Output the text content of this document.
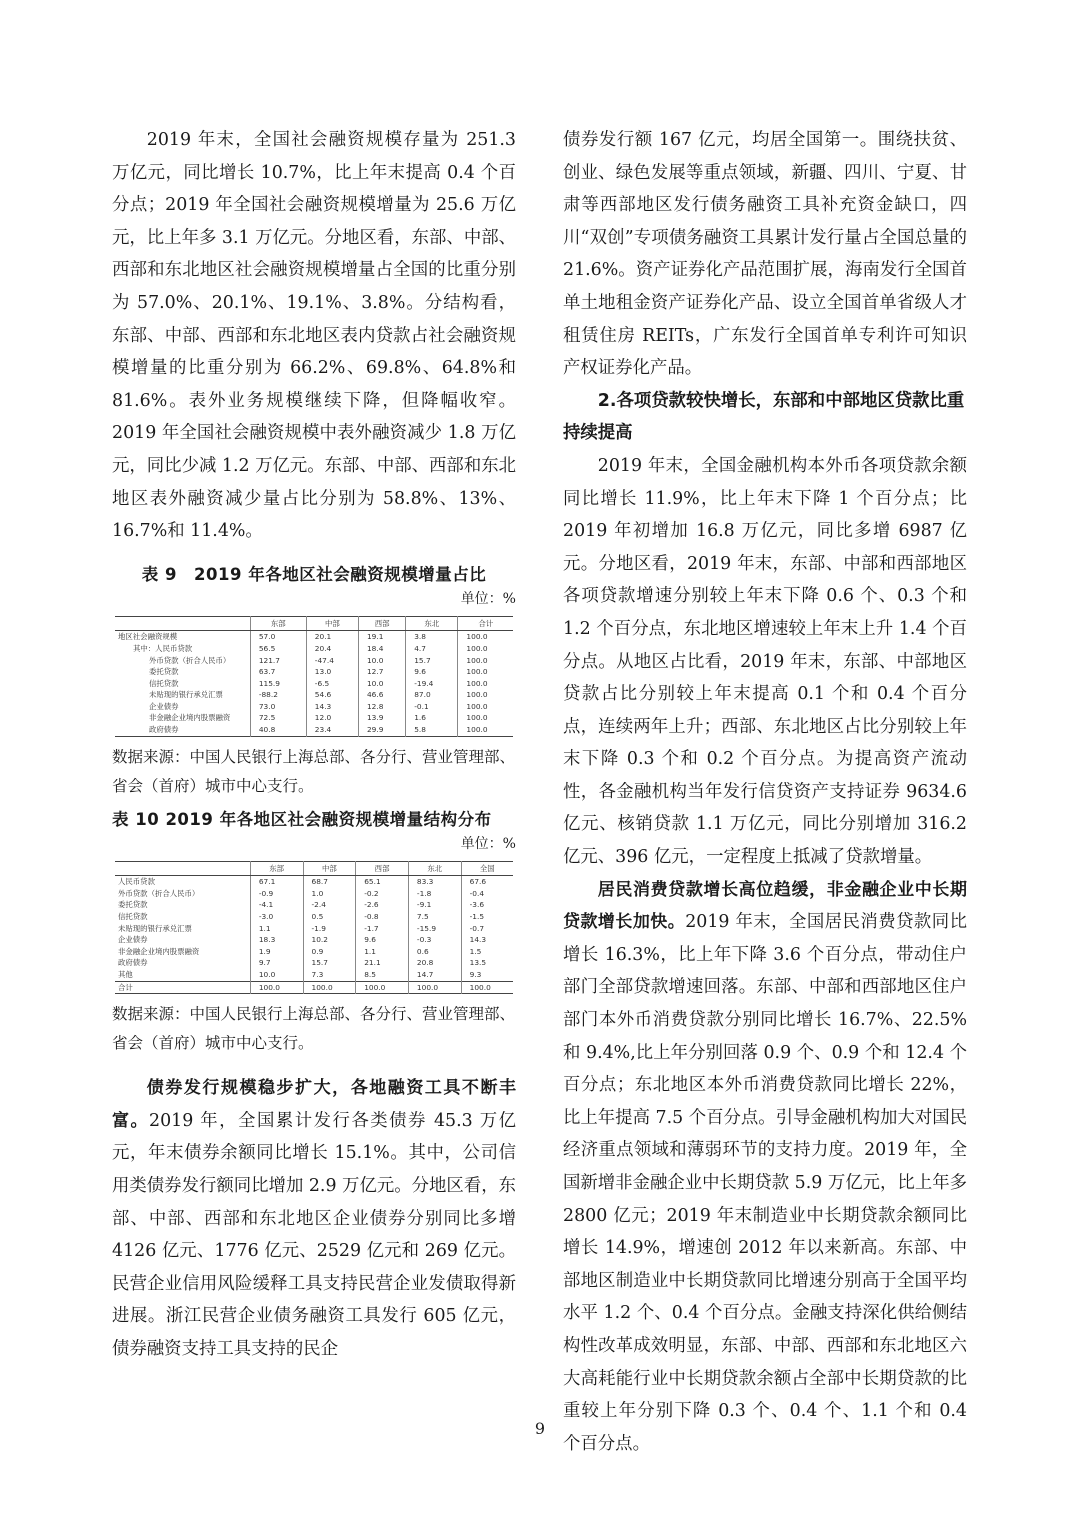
2019 年末，全国社会融资规模存量为 251.3 万亿元，同比增长 10.7%，比上年末提高 0.4 个百分点；2019 年全国社会融资规模增量为 25.6 万亿元，比上年多 3.1 万亿元。分地区看，东部、中部、西部和东北地区社会融资规模增量占全国的比重分别为 57.0%、20.1%、19.1%、3.8%。分结构看，东部、中部、西部和东北地区表内贷款占社会融资规模增量的比重分别为 66.2%、69.8%、64.8%和 81.6%。表外业务规模继续下降，但降幅收窄。2019 年全国社会融资规模中表外融资减少 1.8 万亿元，同比少减 1.2 万亿元。东部、中部、西部和东北地区表外融资减少量占比分别为 58.8%、13%、16.7%和 11.4%。

表 9　2019 年各地区社会融资规模增量占比
单位：%
	东部	中部	西部	东北	合计
地区社会融资规模	57.0	20.1	19.1	3.8	100.0
其中：人民币贷款	56.5	20.4	18.4	4.7	100.0
外币贷款（折合人民币）	121.7	-47.4	10.0	15.7	100.0
委托贷款	63.7	13.0	12.7	9.6	100.0
信托贷款	115.9	-6.5	10.0	-19.4	100.0
未贴现的银行承兑汇票	-88.2	54.6	46.6	87.0	100.0
企业债券	73.0	14.3	12.8	-0.1	100.0
非金融企业境内股票融资	72.5	12.0	13.9	1.6	100.0
政府债券	40.8	23.4	29.9	5.8	100.0
数据来源：中国人民银行上海总部、各分行、营业管理部、省会（首府）城市中心支行。
表 10 2019 年各地区社会融资规模增量结构分布
单位：%
	东部	中部	西部	东北	全国
人民币贷款	67.1	68.7	65.1	83.3	67.6
外币贷款（折合人民币）	-0.9	1.0	-0.2	-1.8	-0.4
委托贷款	-4.1	-2.4	-2.6	-9.1	-3.6
信托贷款	-3.0	0.5	-0.8	7.5	-1.5
未贴现的银行承兑汇票	1.1	-1.9	-1.7	-15.9	-0.7
企业债券	18.3	10.2	9.6	-0.3	14.3
非金融企业境内股票融资	1.9	0.9	1.1	0.6	1.5
政府债券	9.7	15.7	21.1	20.8	13.5
其他	10.0	7.3	8.5	14.7	9.3
合计	100.0	100.0	100.0	100.0	100.0
数据来源：中国人民银行上海总部、各分行、营业管理部、省会（首府）城市中心支行。

债券发行规模稳步扩大，各地融资工具不断丰富。2019 年，全国累计发行各类债券 45.3 万亿元，年末债券余额同比增长 15.1%。其中，公司信用类债券发行额同比增加 2.9 万亿元。分地区看，东部、中部、西部和东北地区企业债券分别同比多增 4126 亿元、1776 亿元、2529 亿元和 269 亿元。民营企业信用风险缓释工具支持民营企业发债取得新进展。浙江民营企业债务融资工具发行 605 亿元，债券融资支持工具支持的民企

债券发行额 167 亿元，均居全国第一。围绕扶贫、创业、绿色发展等重点领域，新疆、四川、宁夏、甘肃等西部地区发行债务融资工具补充资金缺口，四川“双创”专项债务融资工具累计发行量占全国总量的 21.6%。资产证券化产品范围扩展，海南发行全国首单土地租金资产证券化产品、设立全国首单省级人才租赁住房 REITs，广东发行全国首单专利许可知识产权证券化产品。

2.各项贷款较快增长，东部和中部地区贷款比重持续提高

2019 年末，全国金融机构本外币各项贷款余额同比增长 11.9%，比上年末下降 1 个百分点；比 2019 年初增加 16.8 万亿元，同比多增 6987 亿元。分地区看，2019 年末，东部、中部和西部地区各项贷款增速分别较上年末下降 0.6 个、0.3 个和 1.2 个百分点，东北地区增速较上年末上升 1.4 个百分点。从地区占比看，2019 年末，东部、中部地区贷款占比分别较上年末提高 0.1 个和 0.4 个百分点，连续两年上升；西部、东北地区占比分别较上年末下降 0.3 个和 0.2 个百分点。为提高资产流动性，各金融机构当年发行信贷资产支持证券 9634.6 亿元、核销贷款 1.1 万亿元，同比分别增加 316.2 亿元、396 亿元，一定程度上抵减了贷款增量。

居民消费贷款增长高位趋缓，非金融企业中长期贷款增长加快。2019 年末，全国居民消费贷款同比增长 16.3%，比上年下降 3.6 个百分点，带动住户部门全部贷款增速回落。东部、中部和西部地区住户部门本外币消费贷款分别同比增长 16.7%、22.5%和 9.4%,比上年分别回落 0.9 个、0.9 个和 12.4 个百分点；东北地区本外币消费贷款同比增长 22%，比上年提高 7.5 个百分点。引导金融机构加大对国民经济重点领域和薄弱环节的支持力度。2019 年，全国新增非金融企业中长期贷款 5.9 万亿元，比上年多 2800 亿元；2019 年末制造业中长期贷款余额同比增长 14.9%，增速创 2012 年以来新高。东部、中部地区制造业中长期贷款同比增速分别高于全国平均水平 1.2 个、0.4 个百分点。金融支持深化供给侧结构性改革成效明显，东部、中部、西部和东北地区六大高耗能行业中长期贷款余额占全部中长期贷款的比重较上年分别下降 0.3 个、0.4 个、1.1 个和 0.4 个百分点。

9
